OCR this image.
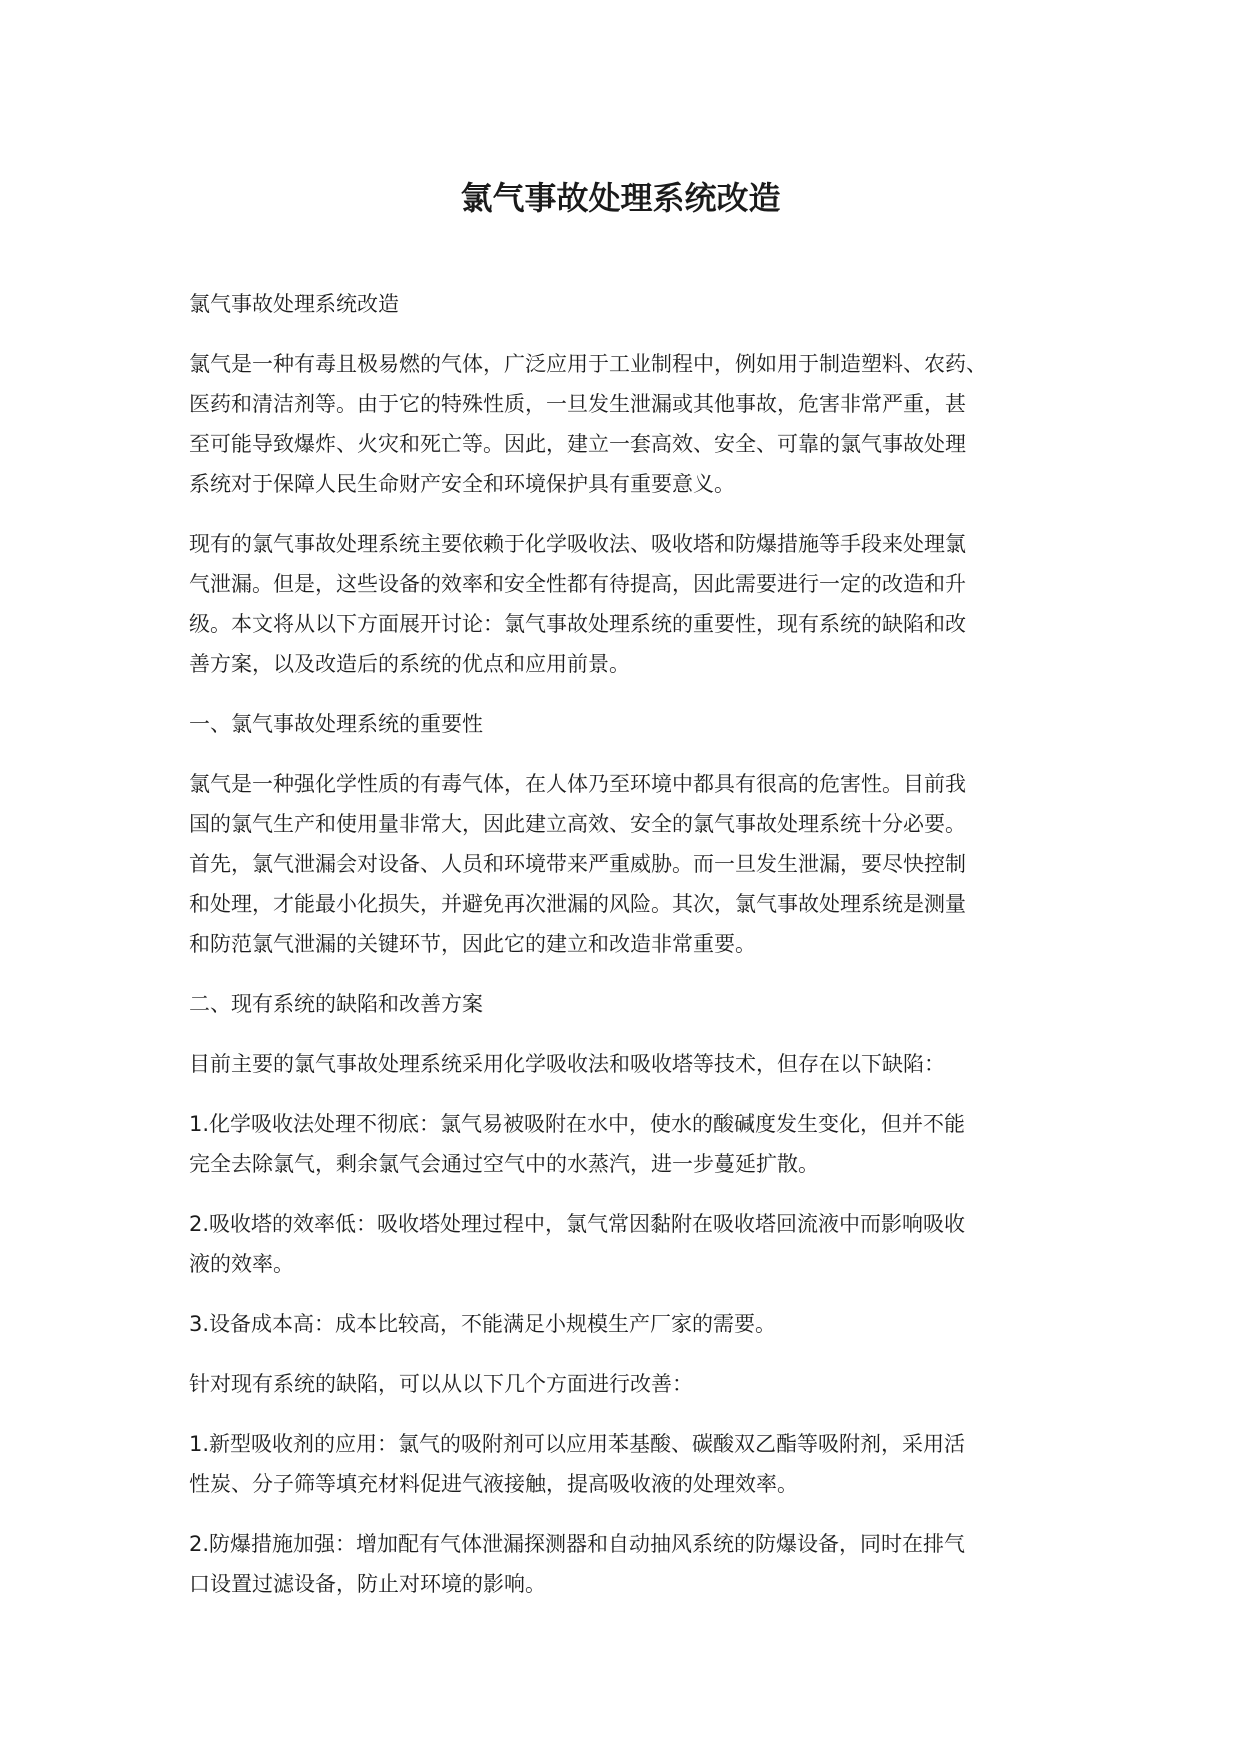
氯气事故处理系统改造

氯气事故处理系统改造

氯气是一种有毒且极易燃的气体，广泛应用于工业制程中，例如用于制造塑料、农药、
医药和清洁剂等。由于它的特殊性质，一旦发生泄漏或其他事故，危害非常严重，甚
至可能导致爆炸、火灾和死亡等。因此，建立一套高效、安全、可靠的氯气事故处理
系统对于保障人民生命财产安全和环境保护具有重要意义。

现有的氯气事故处理系统主要依赖于化学吸收法、吸收塔和防爆措施等手段来处理氯
气泄漏。但是，这些设备的效率和安全性都有待提高，因此需要进行一定的改造和升
级。本文将从以下方面展开讨论：氯气事故处理系统的重要性，现有系统的缺陷和改
善方案，以及改造后的系统的优点和应用前景。

一、氯气事故处理系统的重要性

氯气是一种强化学性质的有毒气体，在人体乃至环境中都具有很高的危害性。目前我
国的氯气生产和使用量非常大，因此建立高效、安全的氯气事故处理系统十分必要。
首先，氯气泄漏会对设备、人员和环境带来严重威胁。而一旦发生泄漏，要尽快控制
和处理，才能最小化损失，并避免再次泄漏的风险。其次，氯气事故处理系统是测量
和防范氯气泄漏的关键环节，因此它的建立和改造非常重要。

二、现有系统的缺陷和改善方案

目前主要的氯气事故处理系统采用化学吸收法和吸收塔等技术，但存在以下缺陷：

1.化学吸收法处理不彻底：氯气易被吸附在水中，使水的酸碱度发生变化，但并不能
完全去除氯气，剩余氯气会通过空气中的水蒸汽，进一步蔓延扩散。

2.吸收塔的效率低：吸收塔处理过程中，氯气常因黏附在吸收塔回流液中而影响吸收
液的效率。

3.设备成本高：成本比较高，不能满足小规模生产厂家的需要。

针对现有系统的缺陷，可以从以下几个方面进行改善：

1.新型吸收剂的应用：氯气的吸附剂可以应用苯基酸、碳酸双乙酯等吸附剂，采用活
性炭、分子筛等填充材料促进气液接触，提高吸收液的处理效率。

2.防爆措施加强：增加配有气体泄漏探测器和自动抽风系统的防爆设备，同时在排气
口设置过滤设备，防止对环境的影响。
